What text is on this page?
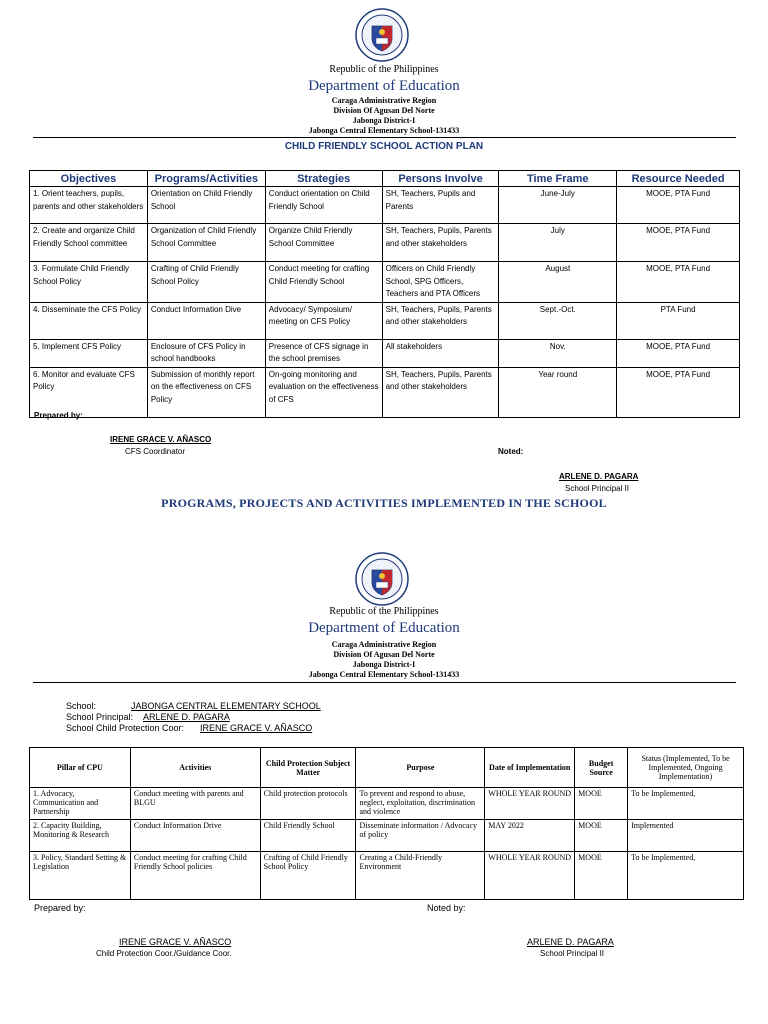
Republic of the Philippines
Department of Education
Caraga Administrative Region
Division Of Agusan Del Norte
Jabonga District-I
Jabonga Central Elementary School-131433
CHILD FRIENDLY SCHOOL ACTION PLAN
Objectives	Programs/Activities	Strategies	Persons Involve	Time Frame	Resource Needed
1. Orient teachers, pupils, parents and other stakeholders	Orientation on Child Friendly School	Conduct orientation on Child Friendly School	SH, Teachers, Pupils and Parents	June-July	MOOE, PTA Fund
2. Create and organize Child Friendly School committee	Organization of Child Friendly School Committee	Organize Child Friendly School Committee	SH, Teachers, Pupils, Parents and other stakeholders	July	MOOE, PTA Fund
3. Formulate Child Friendly School Policy	Crafting of Child Friendly School Policy	Conduct meeting for crafting Child Friendly School	Officers on Child Friendly School, SPG Officers, Teachers and PTA Officers	August	MOOE, PTA Fund
4. Disseminate the CFS Policy	Conduct Information Dive	Advocacy/ Symposium/ meeting on CFS Policy	SH, Teachers, Pupils, Parents and other stakeholders	Sept.-Oct.	PTA Fund
5. Implement CFS Policy	Enclosure of CFS Policy in school handbooks	Presence of CFS signage in the school premises	All stakeholders	Nov.	MOOE, PTA Fund
6. Monitor and evaluate CFS Policy	Submission of monthly report on the effectiveness on CFS Policy	On-going monitoring and evaluation on the effectiveness of CFS	SH, Teachers, Pupils, Parents and other stakeholders	Year round	MOOE, PTA Fund
Prepared by:
IRENE GRACE V. AÑASCO
CFS Coordinator	Noted:
ARLENE D. PAGARA
School Principal II
PROGRAMS, PROJECTS AND ACTIVITIES IMPLEMENTED IN THE SCHOOL
Republic of the Philippines
Department of Education
Caraga Administrative Region
Division Of Agusan Del Norte
Jabonga District-I
Jabonga Central Elementary School-131433
School:	JABONGA CENTRAL ELEMENTARY SCHOOL
School Principal: ARLENE D. PAGARA
School Child Protection Coor: IRENE GRACE V. AÑASCO
Pillar of CPU	Activities	Child Protection Subject Matter	Purpose	Date of Implementation	Budget Source	Status (Implemented, To be Implemented, Ongoing Implementation)
1. Advocacy, Communication and Partnership	Conduct meeting with parents and BLGU	Child protection protocols	To prevent and respond to abuse, neglect, exploitation, discrimination and violence	WHOLE YEAR ROUND	MOOE	To be Implemented,
2. Capacity Building, Monitoring & Research	Conduct Information Drive	Child Friendly School	Disseminate information / Advocacy of policy	MAY 2022	MOOE	Implemented
3. Policy, Standard Setting & Legislation	Conduct meeting for crafting Child Friendly School policies	Crafting of Child Friendly School Policy	Creating a Child-Friendly Environment	WHOLE YEAR ROUND	MOOE	To be Implemented,
Prepared by:	Noted by:
IRENE GRACE V. AÑASCO
Child Protection Coor./Guidance Coor.
ARLENE D. PAGARA
School Principal II
